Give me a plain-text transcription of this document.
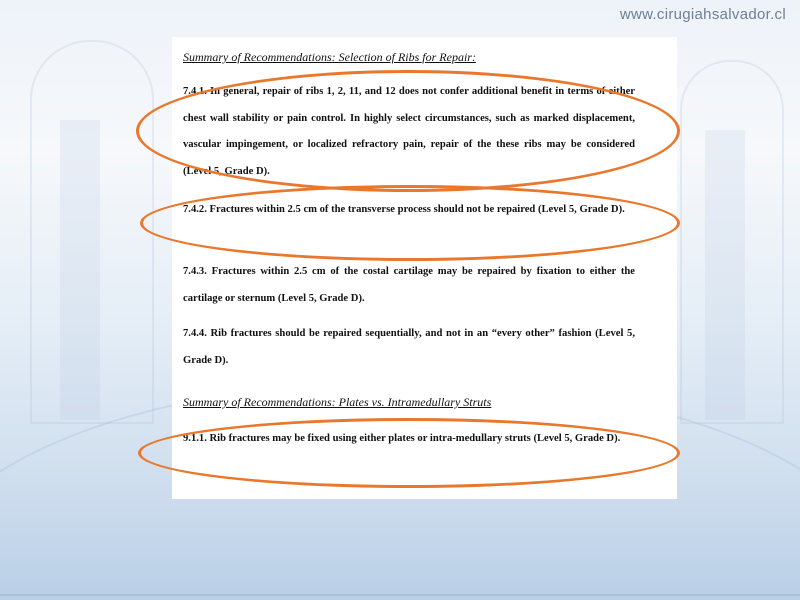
www.cirugiahsalvador.cl
Summary of Recommendations: Selection of Ribs for Repair:
7.4.1. In general, repair of ribs 1, 2, 11, and 12 does not confer additional benefit in terms of either chest wall stability or pain control. In highly select circumstances, such as marked displacement, vascular impingement, or localized refractory pain, repair of the these ribs may be considered (Level 5, Grade D).
7.4.2. Fractures within 2.5 cm of the transverse process should not be repaired (Level 5, Grade D).
7.4.3. Fractures within 2.5 cm of the costal cartilage may be repaired by fixation to either the cartilage or sternum (Level 5, Grade D).
7.4.4. Rib fractures should be repaired sequentially, and not in an “every other” fashion (Level 5, Grade D).
Summary of Recommendations: Plates vs. Intramedullary Struts
9.1.1. Rib fractures may be fixed using either plates or intra-medullary struts (Level 5, Grade D).
